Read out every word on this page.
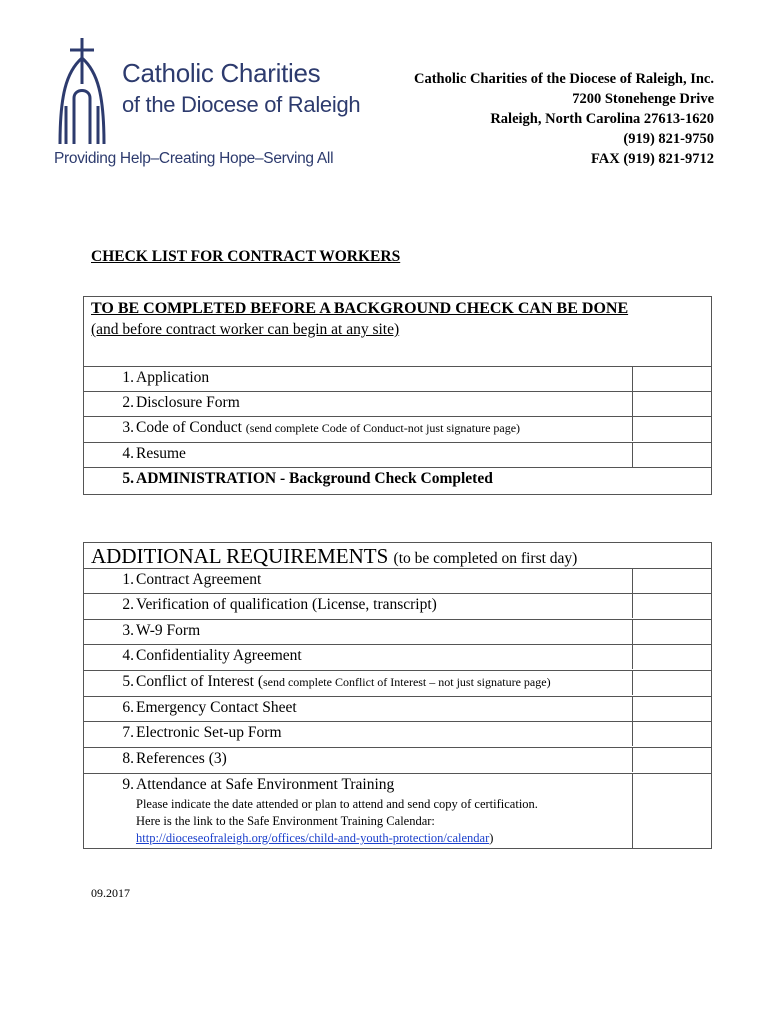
Catholic Charities
of the Diocese of Raleigh
Providing Help–Creating Hope–Serving All
Catholic Charities of the Diocese of Raleigh, Inc.
7200 Stonehenge Drive
Raleigh, North Carolina 27613-1620
(919) 821-9750
FAX (919) 821-9712
CHECK LIST FOR CONTRACT WORKERS
TO BE COMPLETED BEFORE A BACKGROUND CHECK CAN BE DONE
(and before contract worker can begin at any site)
1. Application
2. Disclosure Form
3. Code of Conduct (send complete Code of Conduct-not just signature page)
4. Resume
5. ADMINISTRATION - Background Check Completed
ADDITIONAL REQUIREMENTS (to be completed on first day)
1. Contract Agreement
2. Verification of qualification (License, transcript)
3. W-9 Form
4. Confidentiality Agreement
5. Conflict of Interest (send complete Conflict of Interest – not just signature page)
6. Emergency Contact Sheet
7. Electronic Set-up Form
8. References (3)
9. Attendance at Safe Environment Training
Please indicate the date attended or plan to attend and send copy of certification.
Here is the link to the Safe Environment Training Calendar:
http://dioceseofraleigh.org/offices/child-and-youth-protection/calendar)
09.2017
